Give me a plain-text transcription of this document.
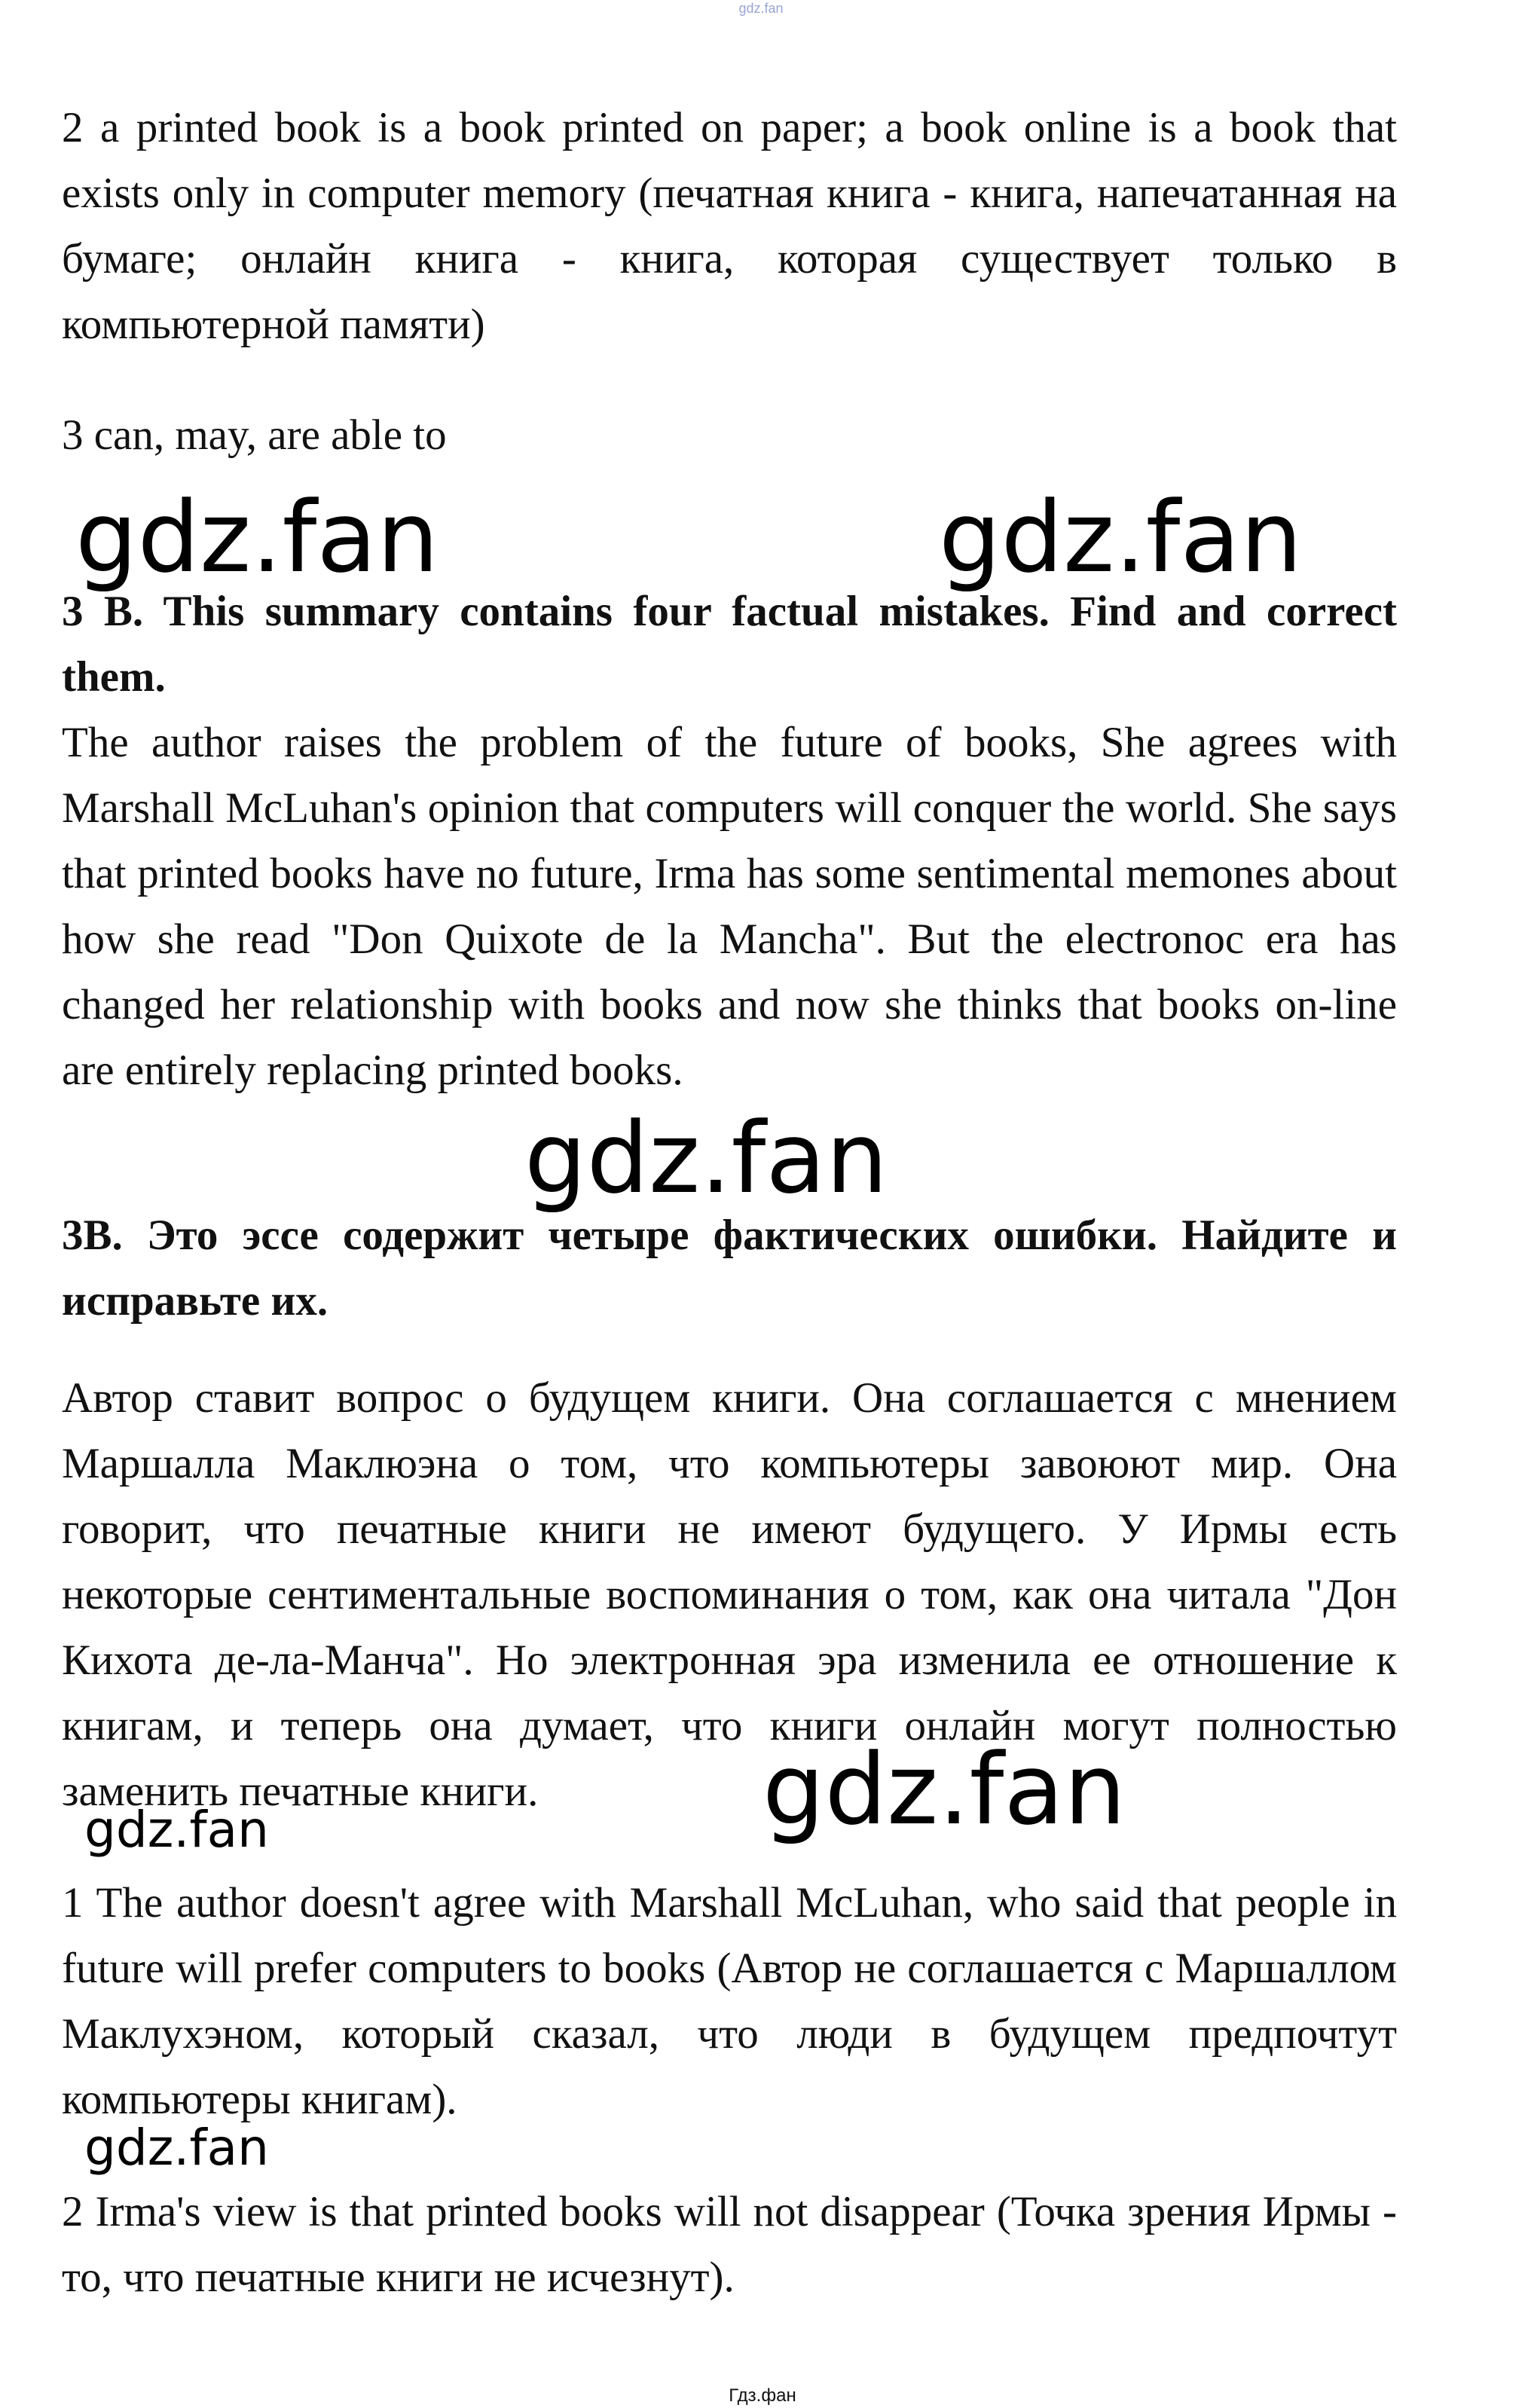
gdz.fan

2 a printed book is a book printed on paper; a book online is a book that exists only in computer memory (печатная книга - книга, напечатанная на бумаге; онлайн книга - книга, которая существует только в компьютерной памяти)

3 can, may, are able to

gdz.fan	gdz.fan

3 B. This summary contains four factual mistakes. Find and correct them.

The author raises the problem of the future of books, She agrees with Marshall McLuhan's opinion that computers will conquer the world. She says that printed books have no future, Irma has some sentimental memones about how she read "Don Quixote de la Mancha". But the electronoc era has changed her relationship with books and now she thinks that books on-line are entirely replacing printed books.

gdz.fan

3В. Это эссе содержит четыре фактических ошибки. Найдите и исправьте их.

Автор ставит вопрос о будущем книги. Она соглашается с мнением Маршалла Маклюэна о том, что компьютеры завоюют мир. Она говорит, что печатные книги не имеют будущего. У Ирмы есть некоторые сентиментальные воспоминания о том, как она читала "Дон Кихота де-ла-Манча". Но электронная эра изменила ее отношение к книгам, и теперь она думает, что книги онлайн могут полностью заменить печатные книги.	gdz.fan
gdz.fan

1 The author doesn't agree with Marshall McLuhan, who said that people in future will prefer computers to books (Автор не соглашается с Маршаллом Маклухэном, который сказал, что люди в будущем предпочтут компьютеры книгам).

gdz.fan

2 Irma's view is that printed books will not disappear (Точка зрения Ирмы - то, что печатные книги не исчезнут).

Гдз.фан
